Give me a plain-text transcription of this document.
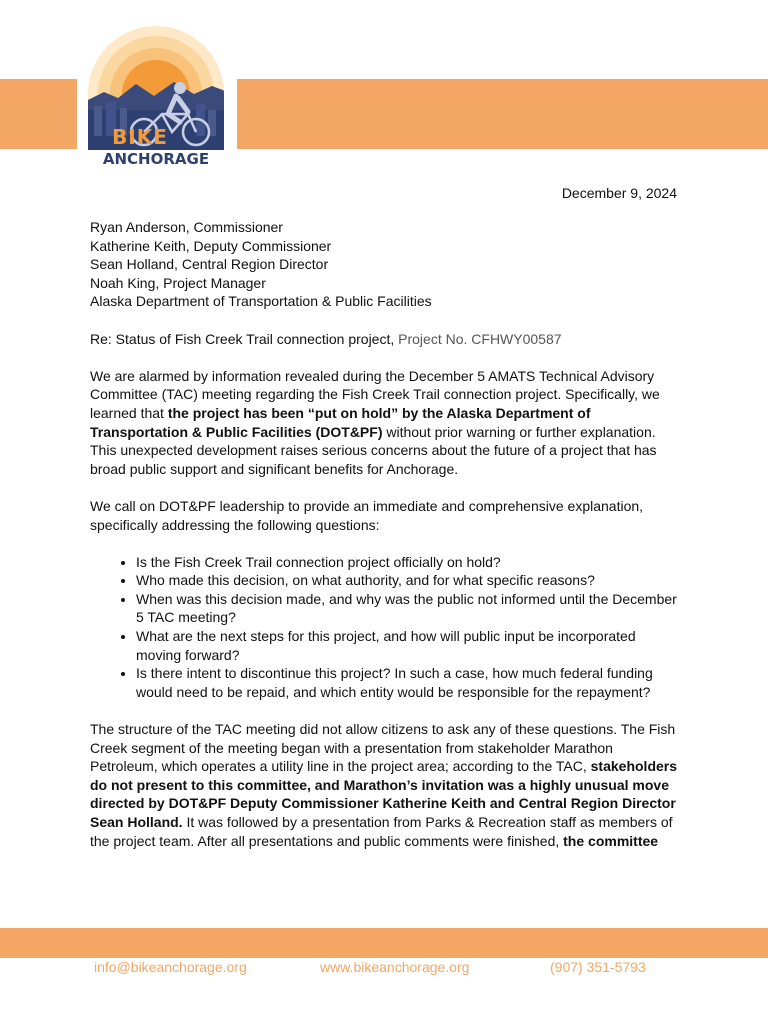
BIKE
ANCHORAGE
December 9, 2024

Ryan Anderson, Commissioner

Katherine Keith, Deputy Commissioner

Sean Holland, Central Region Director

Noah King, Project Manager

Alaska Department of Transportation & Public Facilities

Re: Status of Fish Creek Trail connection project, Project No. CFHWY00587

We are alarmed by information revealed during the December 5 AMATS Technical Advisory Committee (TAC) meeting regarding the Fish Creek Trail connection project. Specifically, we learned that the project has been “put on hold” by the Alaska Department of Transportation & Public Facilities (DOT&PF) without prior warning or further explanation. This unexpected development raises serious concerns about the future of a project that has broad public support and significant benefits for Anchorage.

We call on DOT&PF leadership to provide an immediate and comprehensive explanation, specifically addressing the following questions:

• Is the Fish Creek Trail connection project officially on hold?
• Who made this decision, on what authority, and for what specific reasons?
• When was this decision made, and why was the public not informed until the December 5 TAC meeting?
• What are the next steps for this project, and how will public input be incorporated moving forward?
• Is there intent to discontinue this project? In such a case, how much federal funding would need to be repaid, and which entity would be responsible for the repayment?

The structure of the TAC meeting did not allow citizens to ask any of these questions. The Fish Creek segment of the meeting began with a presentation from stakeholder Marathon Petroleum, which operates a utility line in the project area; according to the TAC, stakeholders do not present to this committee, and Marathon’s invitation was a highly unusual move directed by DOT&PF Deputy Commissioner Katherine Keith and Central Region Director Sean Holland. It was followed by a presentation from Parks & Recreation staff as members of the project team. After all presentations and public comments were finished, the committee

info@bikeanchorage.org	www.bikeanchorage.org	(907) 351-5793
